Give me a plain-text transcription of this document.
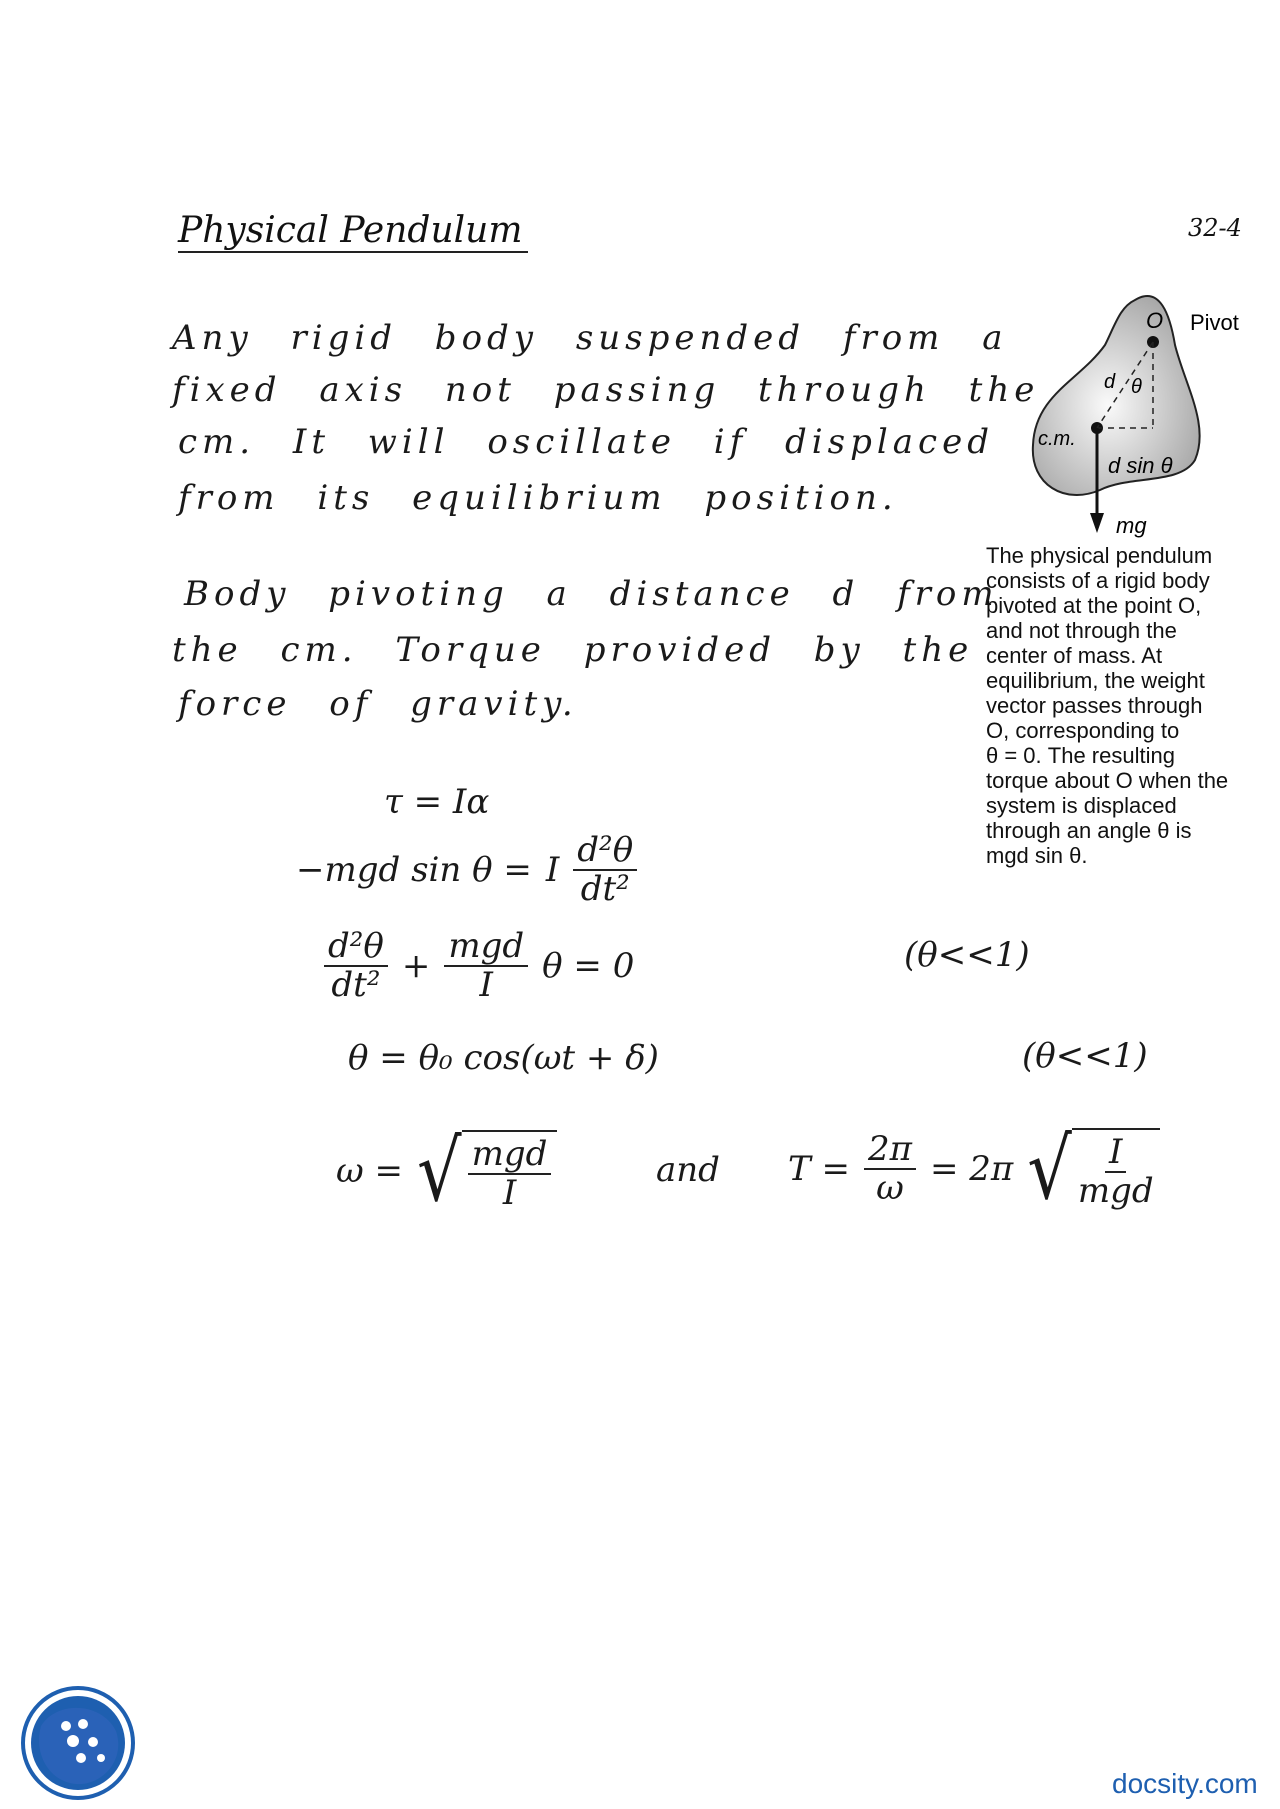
Physical Pendulum	32-4
Any rigid body suspended from a
fixed axis not passing through the
cm. It will oscillate if displaced
from its equilibrium position.
Body pivoting a distance d from
the cm. Torque provided by the
force of gravity.
τ = Iα
−mgd sin θ = I $\frac{\text{d²θ}}{\text{dt²}}$
$\frac{\text{d²θ}}{\text{dt²}} + \frac{\text{mgd}}{I}$ θ = 0	(θ<<1)
θ = θ₀ cos(ωt + δ)	(θ<<1)
ω = √ $\frac{\text{mgd}}{I}$	and $T = \frac{2\pi}{\omega} = 2\pi$ √ $\frac{I}{\text{mgd}}$
O Pivot
d θ
c.m.
d sin θ
mg
The physical pendulum
consists of a rigid body
pivoted at the point O,
and not through the
center of mass. At
equilibrium, the weight
vector passes through
O, corresponding to
θ = 0. The resulting
torque about O when the
system is displaced
through an angle θ is
mgd sin θ.
docsity.com
